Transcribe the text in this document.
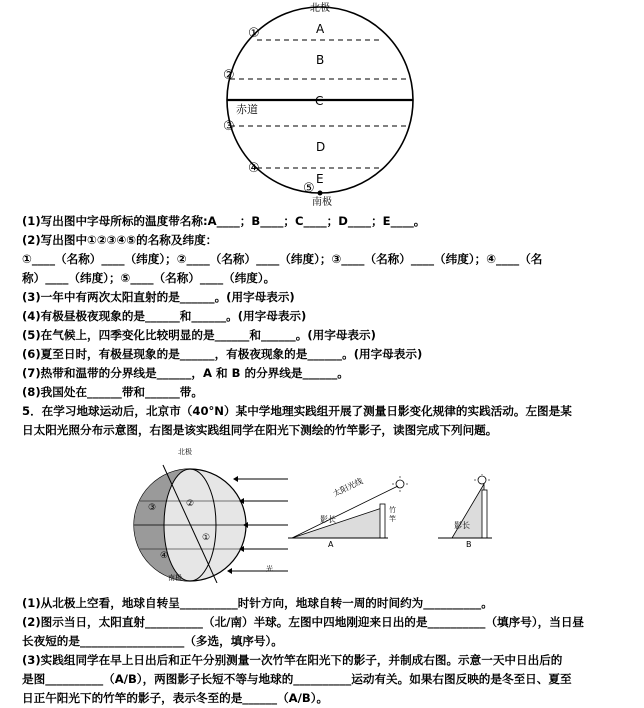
北极
南极
赤道
A
B
C
D
E
①
②
③
④
⑤
(1)写出图中字母所标的温度带名称:A____；B____；C____；D____；E____。
(2)写出图中①②③④⑤的名称及纬度：
①____（名称）____（纬度）；②____（名称）____（纬度）；③____（名称）____（纬度）；④____（名
称）____（纬度）；⑤____（名称）____（纬度）。
(3)一年中有两次太阳直射的是______。(用字母表示)
(4)有极昼极夜现象的是______和______。(用字母表示)
(5)在气候上，四季变化比较明显的是______和______。(用字母表示)
(6)夏至日时，有极昼现象的是______，有极夜现象的是______。(用字母表示)
(7)热带和温带的分界线是______，A 和 B 的分界线是______。
(8)我国处在______带和______带。
5．在学习地球运动后，北京市（40°N）某中学地理实践组开展了测量日影变化规律的实践活动。左图是某
日太阳光照分布示意图，右图是该实践组同学在阳光下测绘的竹竿影子，读图完成下列问题。
北极
南极
光
①
②
③
④
太阳光线
影长
竹竿
影长
A	B
(1)从北极上空看，地球自转呈__________时针方向，地球自转一周的时间约为__________。
(2)图示当日，太阳直射__________（北/南）半球。左图中四地刚迎来日出的是__________（填序号），当日昼
长夜短的是__________________（多选，填序号）。
(3)实践组同学在早上日出后和正午分别测量一次竹竿在阳光下的影子，并制成右图。示意一天中日出后的
是图__________（A/B），两图影子长短不等与地球的__________运动有关。如果右图反映的是冬至日、夏至
日正午阳光下的竹竿的影子，表示冬至的是______（A/B）。
